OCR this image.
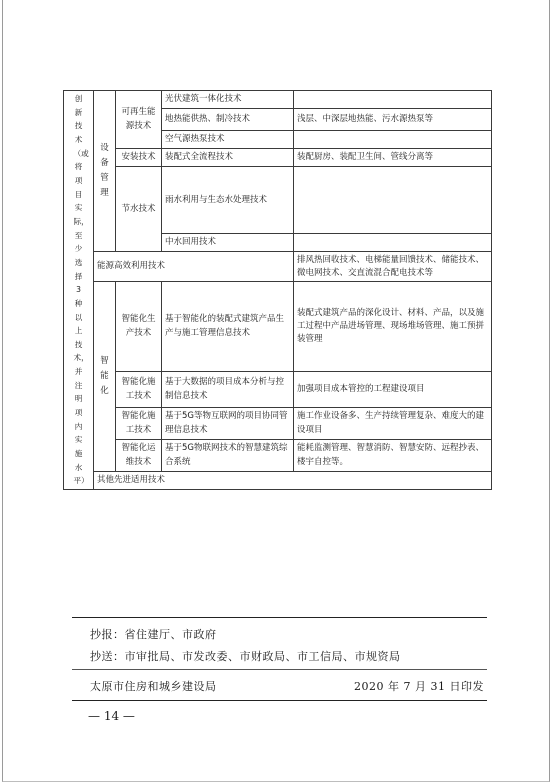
创新技术（或将项目实际，至少选择3种以上技术，并注明项内实施水平）	设备管理	可再生能源技术	光伏建筑一体化技术	
			地热能供热、制冷技术	浅层、中深层地热能、污水源热泵等
			空气源热泵技术	
		安装技术	装配式全流程技术	装配厨房、装配卫生间、管线分离等
		节水技术	雨水利用与生态水处理技术	
			中水回用技术	
	能源高效利用技术			排风热回收技术、电梯能量回馈技术、储能技术、微电网技术、交直流混合配电技术等
	智能化	智能化生产技术	基于智能化的装配式建筑产品生产与施工管理信息技术	装配式建筑产品的深化设计、材料、产品，以及施工过程中产品进场管理、现场堆场管理、施工预拼装管理
		智能化施工技术	基于大数据的项目成本分析与控制信息技术	加强项目成本管控的工程建设项目
		智能化施工技术	基于5G等物互联网的项目协同管理信息技术	施工作业设备多、生产持续管理复杂、难度大的建设项目
		智能化运维技术	基于5G物联网技术的智慧建筑综合系统	能耗监测管理、智慧消防、智慧安防、远程抄表、楼宇自控等。
	其他先进适用技术			
抄报：省住建厅、市政府
抄送：市审批局、市发改委、市财政局、市工信局、市规资局
太原市住房和城乡建设局	2020 年 7 月 31 日印发
— 14 —
